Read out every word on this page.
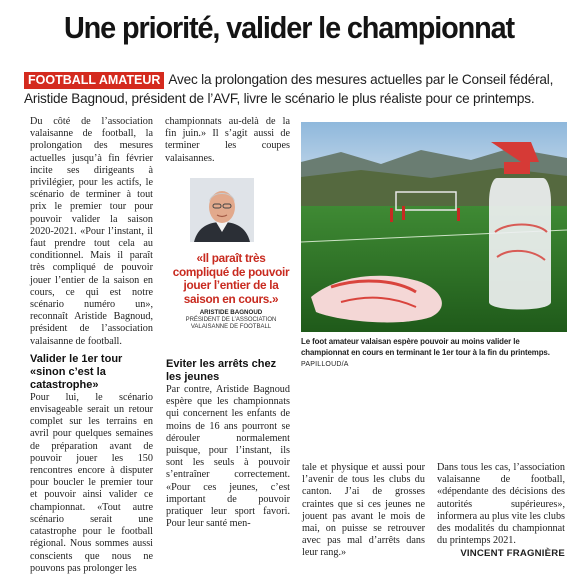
Une priorité, valider le championnat
FOOTBALL AMATEUR Avec la prolongation des mesures actuelles par le Conseil fédéral, Aristide Bagnoud, président de l’AVF, livre le scénario le plus réaliste pour ce printemps.

Du côté de l’association valaisanne de football, la prolongation des mesures actuelles jusqu’à fin février incite ses dirigeants à privilégier, pour les actifs, le scénario de terminer à tout prix le premier tour pour pouvoir valider la saison 2020-2021. «Pour l’instant, il faut prendre tout cela au conditionnel. Mais il paraît très compliqué de pouvoir jouer l’entier de la saison en cours, ce qui est notre scénario numéro un», reconnaît Aristide Bagnoud, président de l’association valaisanne de football.

Valider le 1er tour «sinon c’est la catastrophe»

Pour lui, le scénario envisageable serait un retour complet sur les terrains en avril pour quelques semaines de préparation avant de pouvoir jouer les 150 rencontres encore à disputer pour boucler le premier tour et pouvoir ainsi valider ce championnat. «Tout autre scénario serait une catastrophe pour le football régional. Nous sommes aussi conscients que nous ne pouvons pas prolonger les

championnats au-delà de la fin juin.» Il s’agit aussi de terminer les coupes valaisannes.

«Il paraît très compliqué de pouvoir jouer l’entier de la saison en cours.»
ARISTIDE BAGNOUD
PRÉSIDENT DE L’ASSOCIATION VALAISANNE DE FOOTBALL
Eviter les arrêts chez les jeunes

Par contre, Aristide Bagnoud espère que les championnats qui concernent les enfants de moins de 16 ans pourront se dérouler normalement puisque, pour l’instant, ils sont les seuls à pouvoir s’entraîner correctement. «Pour ces jeunes, c’est important de pouvoir pratiquer leur sport favori. Pour leur santé men-

Le foot amateur valaisan espère pouvoir au moins valider le championnat en cours en terminant le 1er tour à la fin du printemps. PAPILLOUD/A

tale et physique et aussi pour l’avenir de tous les clubs du canton. J’ai de grosses craintes que si ces jeunes ne jouent pas avant le mois de mai, on puisse se retrouver avec pas mal d’arrêts dans leur rang.»

Dans tous les cas, l’association valaisanne de football, «dépendante des décisions des autorités supérieures», informera au plus vite les clubs des modalités du championnat du printemps 2021.

VINCENT FRAGNIÈRE
